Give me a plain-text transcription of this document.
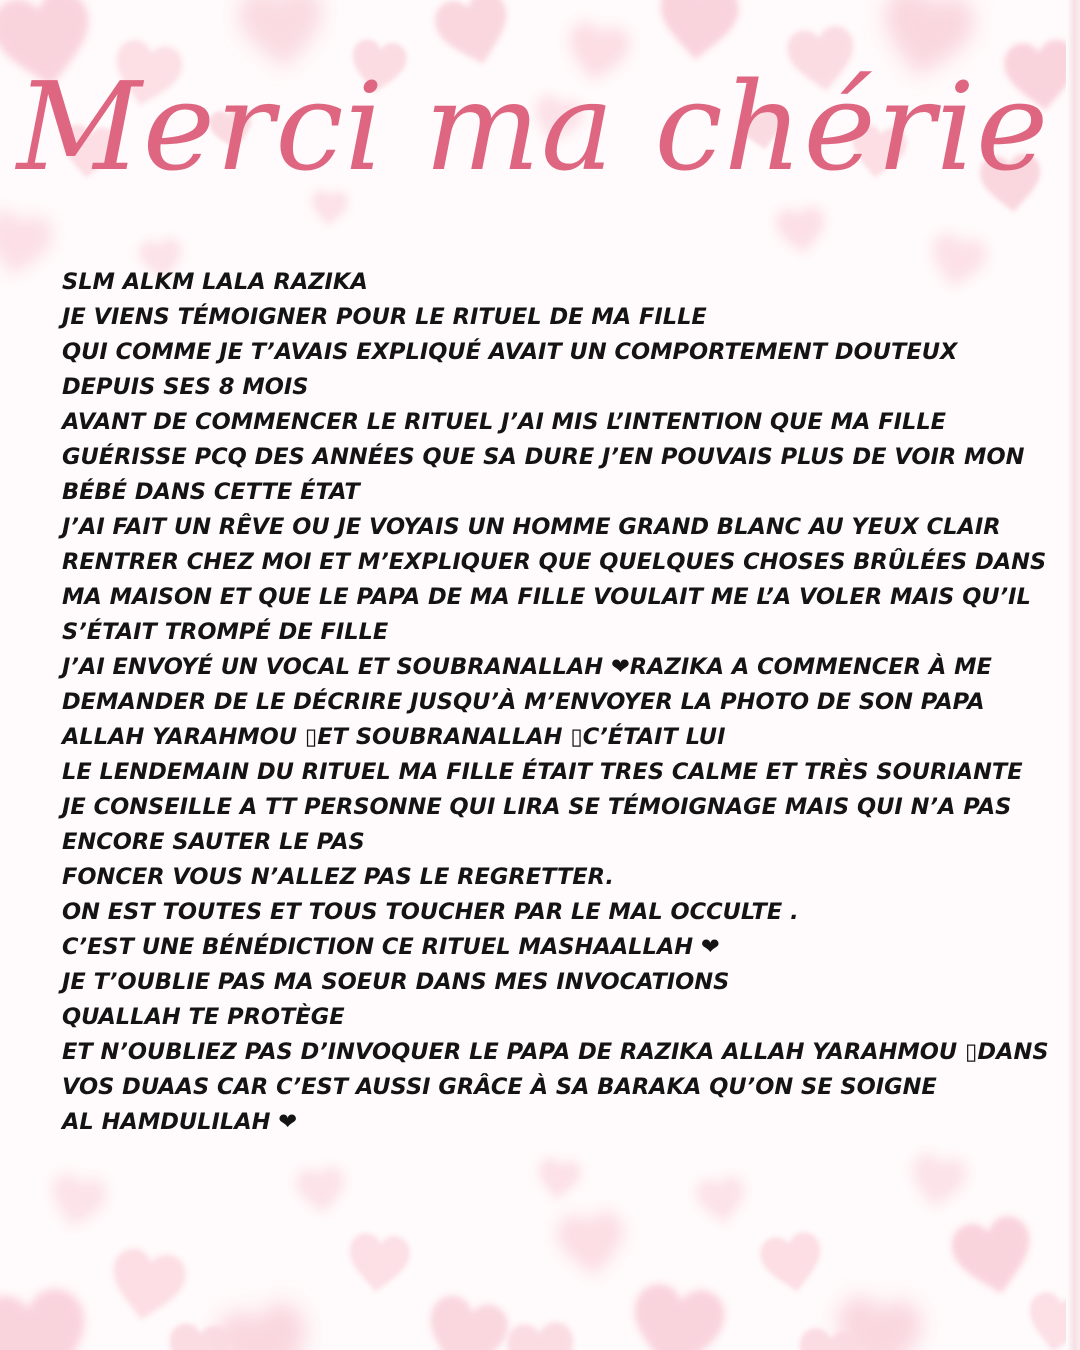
Merci ma chérie
SLM ALKM LALA RAZIKA
JE VIENS TÉMOIGNER POUR LE RITUEL DE MA FILLE
QUI COMME JE T’AVAIS EXPLIQUÉ AVAIT UN COMPORTEMENT DOUTEUX
DEPUIS SES 8 MOIS
AVANT DE COMMENCER LE RITUEL J’AI MIS L’INTENTION QUE MA FILLE
GUÉRISSE PCQ DES ANNÉES QUE SA DURE J’EN POUVAIS PLUS DE VOIR MON
BÉBÉ DANS CETTE ÉTAT
J’AI FAIT UN RÊVE OU JE VOYAIS UN HOMME GRAND BLANC AU YEUX CLAIR
RENTRER CHEZ MOI ET M’EXPLIQUER QUE QUELQUES CHOSES BRÛLÉES DANS
MA MAISON ET QUE LE PAPA DE MA FILLE VOULAIT ME L’A VOLER MAIS QU’IL
S’ÉTAIT TROMPÉ DE FILLE
J’AI ENVOYÉ UN VOCAL ET SOUBRANALLAH ❤RAZIKA A COMMENCER À ME
DEMANDER DE LE DÉCRIRE JUSQU’À M’ENVOYER LA PHOTO DE SON PAPA
ALLAH YARAHMOU ▯ET SOUBRANALLAH ▯C’ÉTAIT LUI
LE LENDEMAIN DU RITUEL MA FILLE ÉTAIT TRES CALME ET TRÈS SOURIANTE
JE CONSEILLE A TT PERSONNE QUI LIRA SE TÉMOIGNAGE MAIS QUI N’A PAS
ENCORE SAUTER LE PAS
FONCER VOUS N’ALLEZ PAS LE REGRETTER.
ON EST TOUTES ET TOUS TOUCHER PAR LE MAL OCCULTE .
C’EST UNE BÉNÉDICTION CE RITUEL MASHAALLAH ❤
JE T’OUBLIE PAS MA SOEUR DANS MES INVOCATIONS
QUALLAH TE PROTÈGE
ET N’OUBLIEZ PAS D’INVOQUER LE PAPA DE RAZIKA ALLAH YARAHMOU ▯DANS
VOS DUAAS CAR C’EST AUSSI GRÂCE À SA BARAKA QU’ON SE SOIGNE
AL HAMDULILAH ❤
